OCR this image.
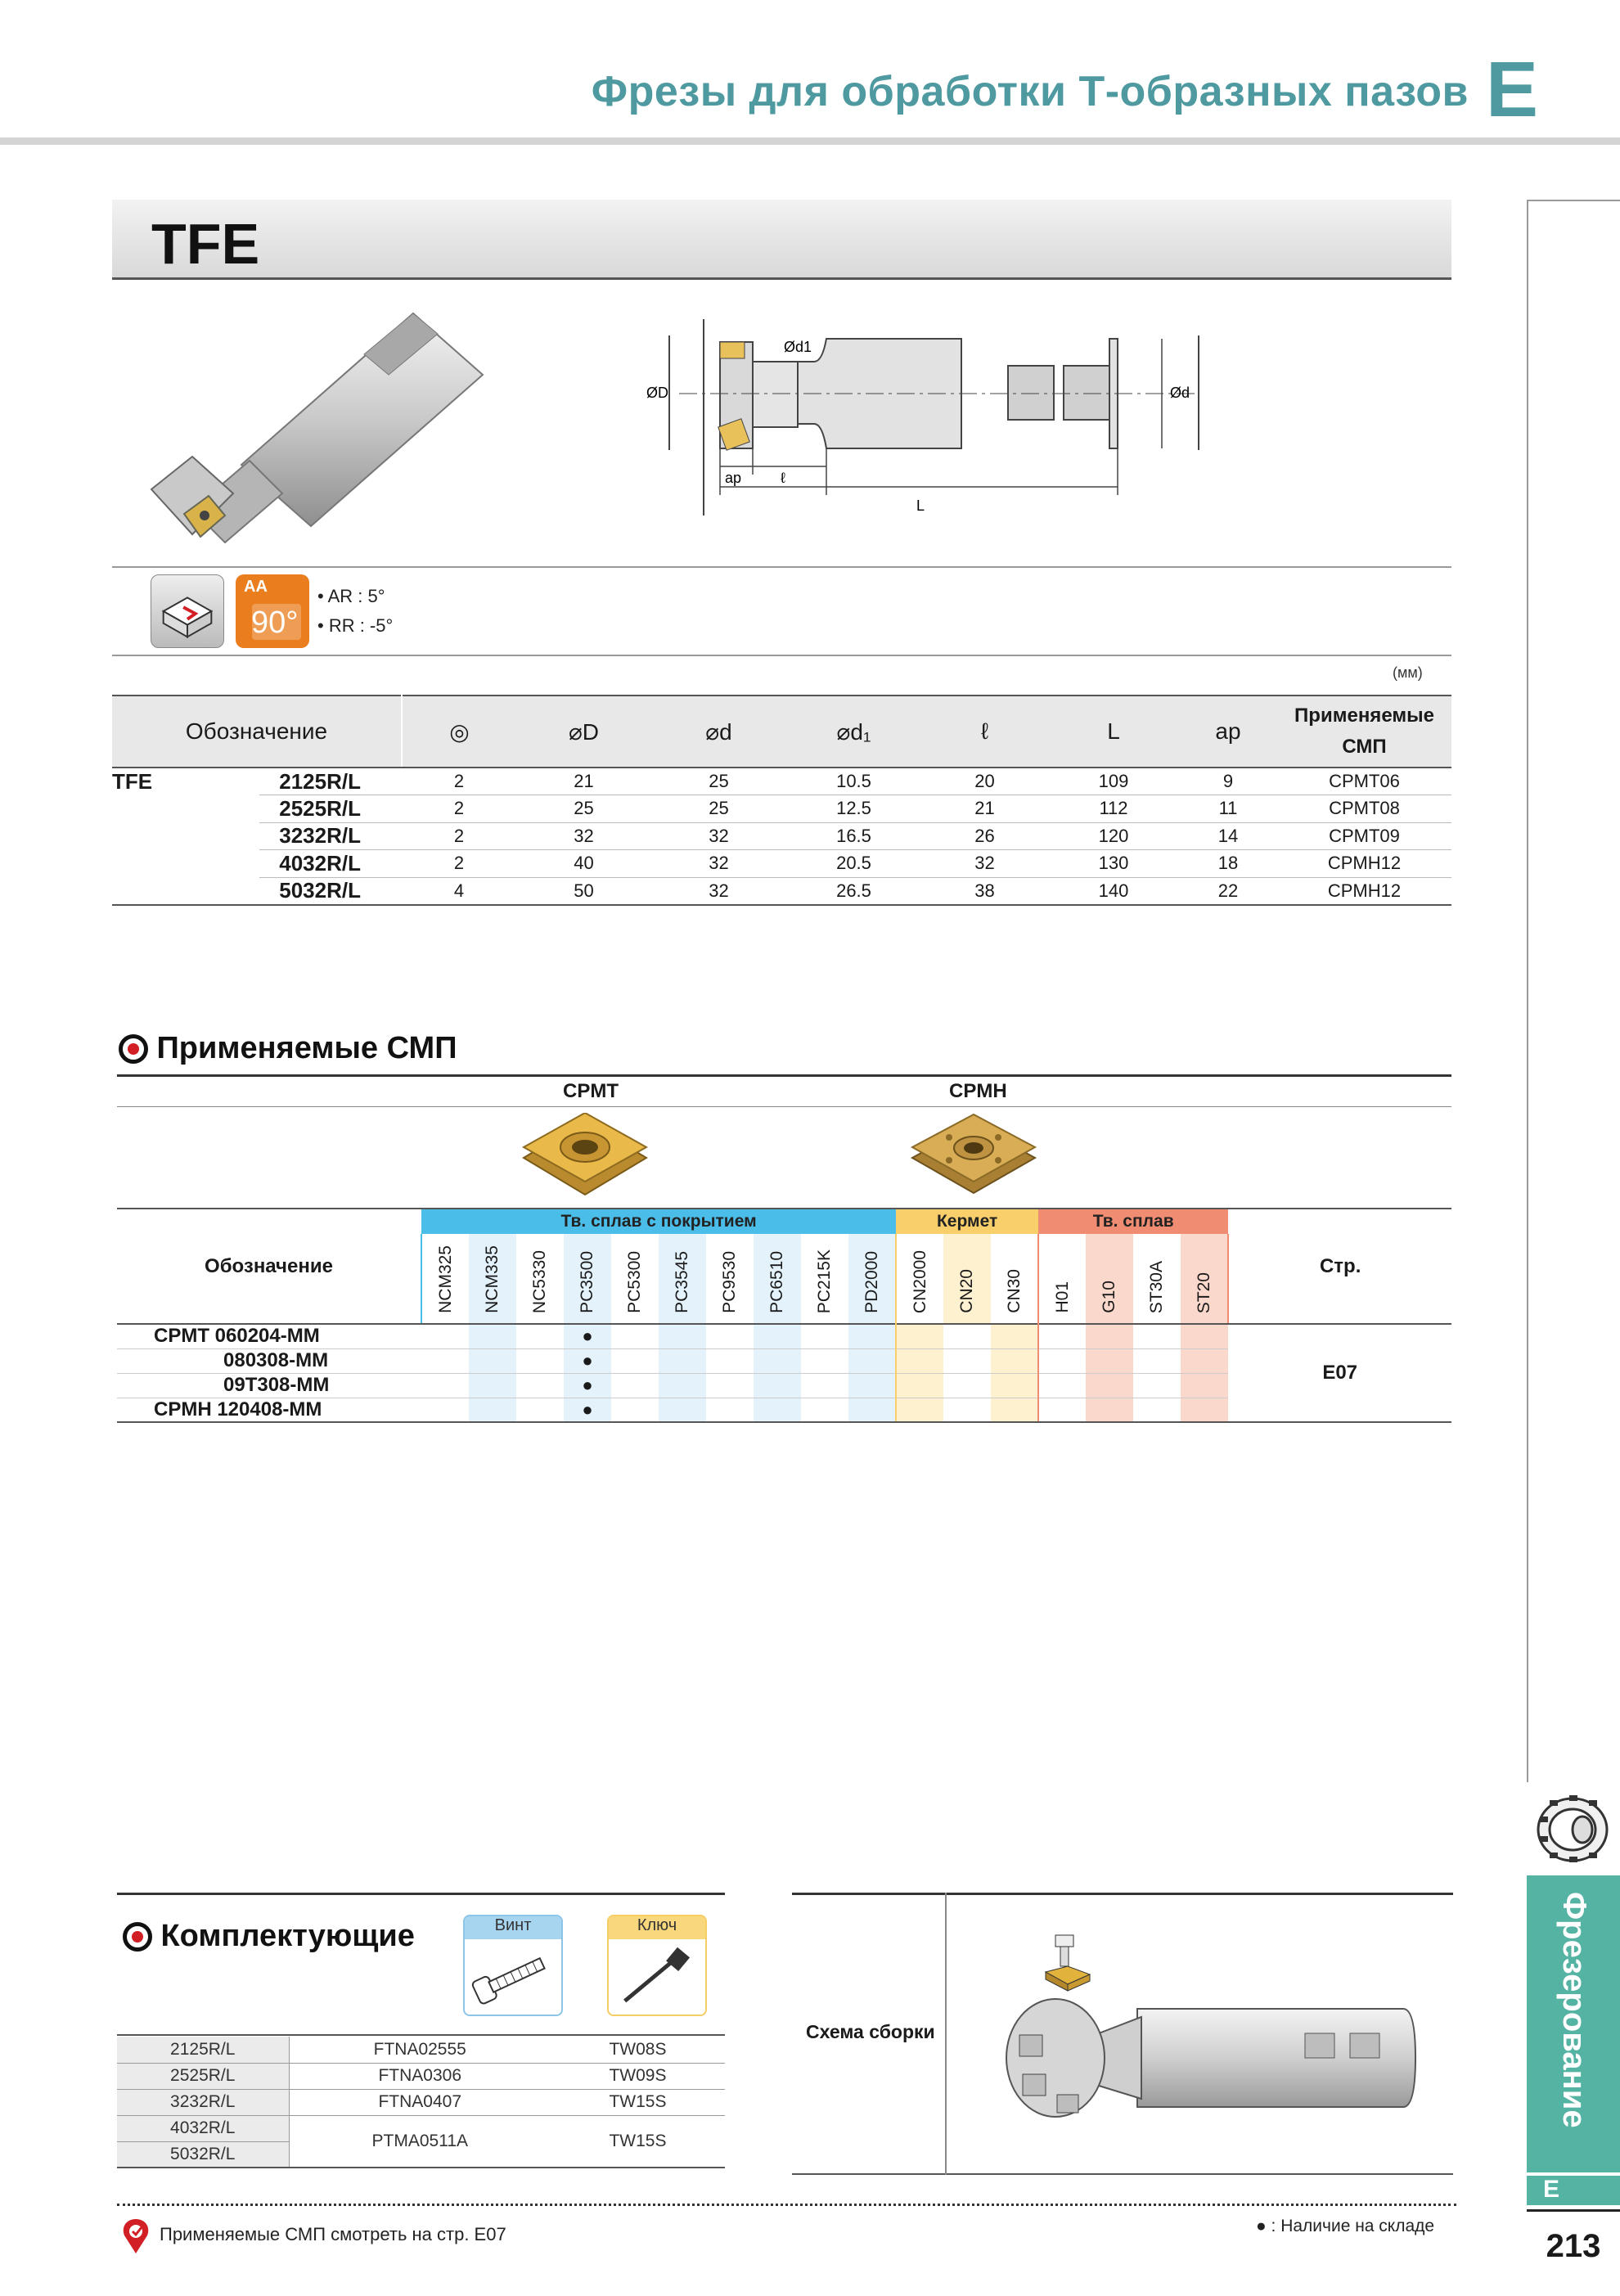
Фрезы для обработки Т-образных пазов E
Фрезерование
E
213
TFE
Ød1
ØD	Ød
ap	ℓ
L
AA
90°
• AR : 5°
• RR : -5°
(мм)
Обозначение		◎	⌀D	⌀d	⌀d₁	ℓ	L	ap	Применяемые СМП
TFE	2125R/L	2	21	25	10.5	20	109	9	CPMT06
	2525R/L	2	25	25	12.5	21	112	11	CPMT08
	3232R/L	2	32	32	16.5	26	120	14	CPMT09
	4032R/L	2	40	32	20.5	32	130	18	CPMH12
	5032R/L	4	50	32	26.5	38	140	22	CPMH12
Применяемые СМП
CPMT	CPMH
Обозначение	Тв. сплав с покрытием										Кермет			Тв. сплав				Стр.
	NCM325	NCM335	NC5330	PC3500	PC5300	PC3545	PC9530	PC6510	PC215K	PD2000	CN2000	CN20	CN30	H01	G10	ST30A	ST20	
CPMT 060204-MM				●														E07
080308-MM				●														
09T308-MM				●														
CPMH 120408-MM				●														
Комплектующие	Винт	Ключ
2125R/L	FTNA02555	TW08S
2525R/L	FTNA0306	TW09S
3232R/L	FTNA0407	TW15S
4032R/L	PTMA0511A	TW15S
5032R/L		
Схема сборки
Применяемые СМП смотреть на стр. E07	● : Наличие на складе
